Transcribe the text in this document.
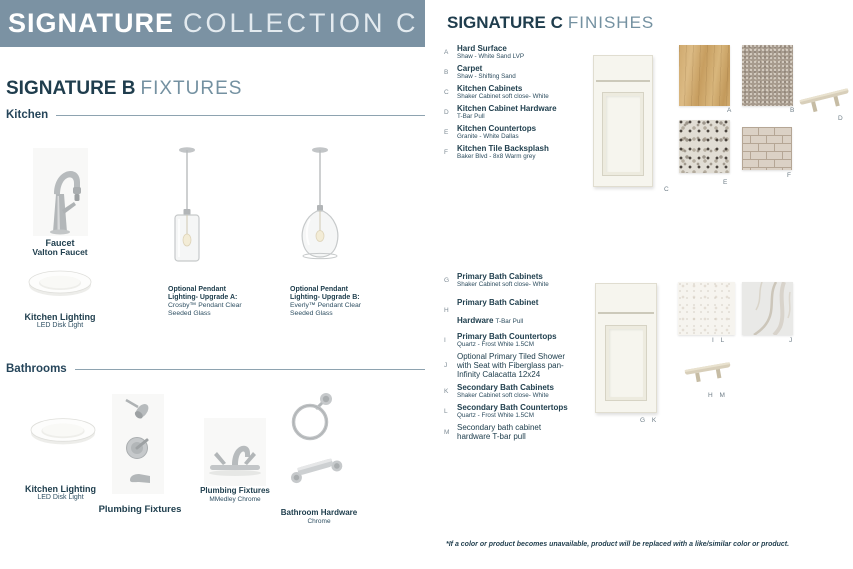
SIGNATURE COLLECTION C
SIGNATURE B FIXTURES
Kitchen
Faucet
Valton Faucet
Kitchen Lighting
LED Disk Light
Optional Pendant Lighting- Upgrade A:
Crosby™ Pendant Clear Seeded Glass
Optional Pendant Lighting- Upgrade B:
Everly™ Pendant Clear Seeded Glass
Bathrooms
Kitchen Lighting
LED Disk Light
Plumbing Fixtures
Plumbing Fixtures
MMedley Chrome
Bathroom Hardware
Chrome
SIGNATURE C FINISHES
A	Hard Surface
Shaw - White Sand LVP
B	Carpet
Shaw - Shifting Sand
C	Kitchen Cabinets
Shaker Cabinet soft close- White
D	Kitchen Cabinet Hardware
T-Bar Pull
E	Kitchen Countertops
Granite - White Dallas
F	Kitchen Tile Backsplash
Baker Blvd - 8x8 Warm grey
C
A	B
D
E
F
G Primary Bath Cabinets
Shaker Cabinet soft close- White
H
Primary Bath Cabinet Hardware T-Bar Pull
I	Primary Bath Countertops
Quartz - Frost White 1.5CM
J
Optional Primary Tiled Shower with Seat with Fiberglass pan- Infinity Calacatta 12x24
K	Secondary Bath Cabinets
Shaker Cabinet soft close- White
L	Secondary Bath Countertops
Quartz - Frost White 1.5CM
M Secondary bath cabinet hardware T-bar pull
G K
I L	J
H M
*If a color or product becomes unavailable, product will be replaced with a like/similar color or product.
